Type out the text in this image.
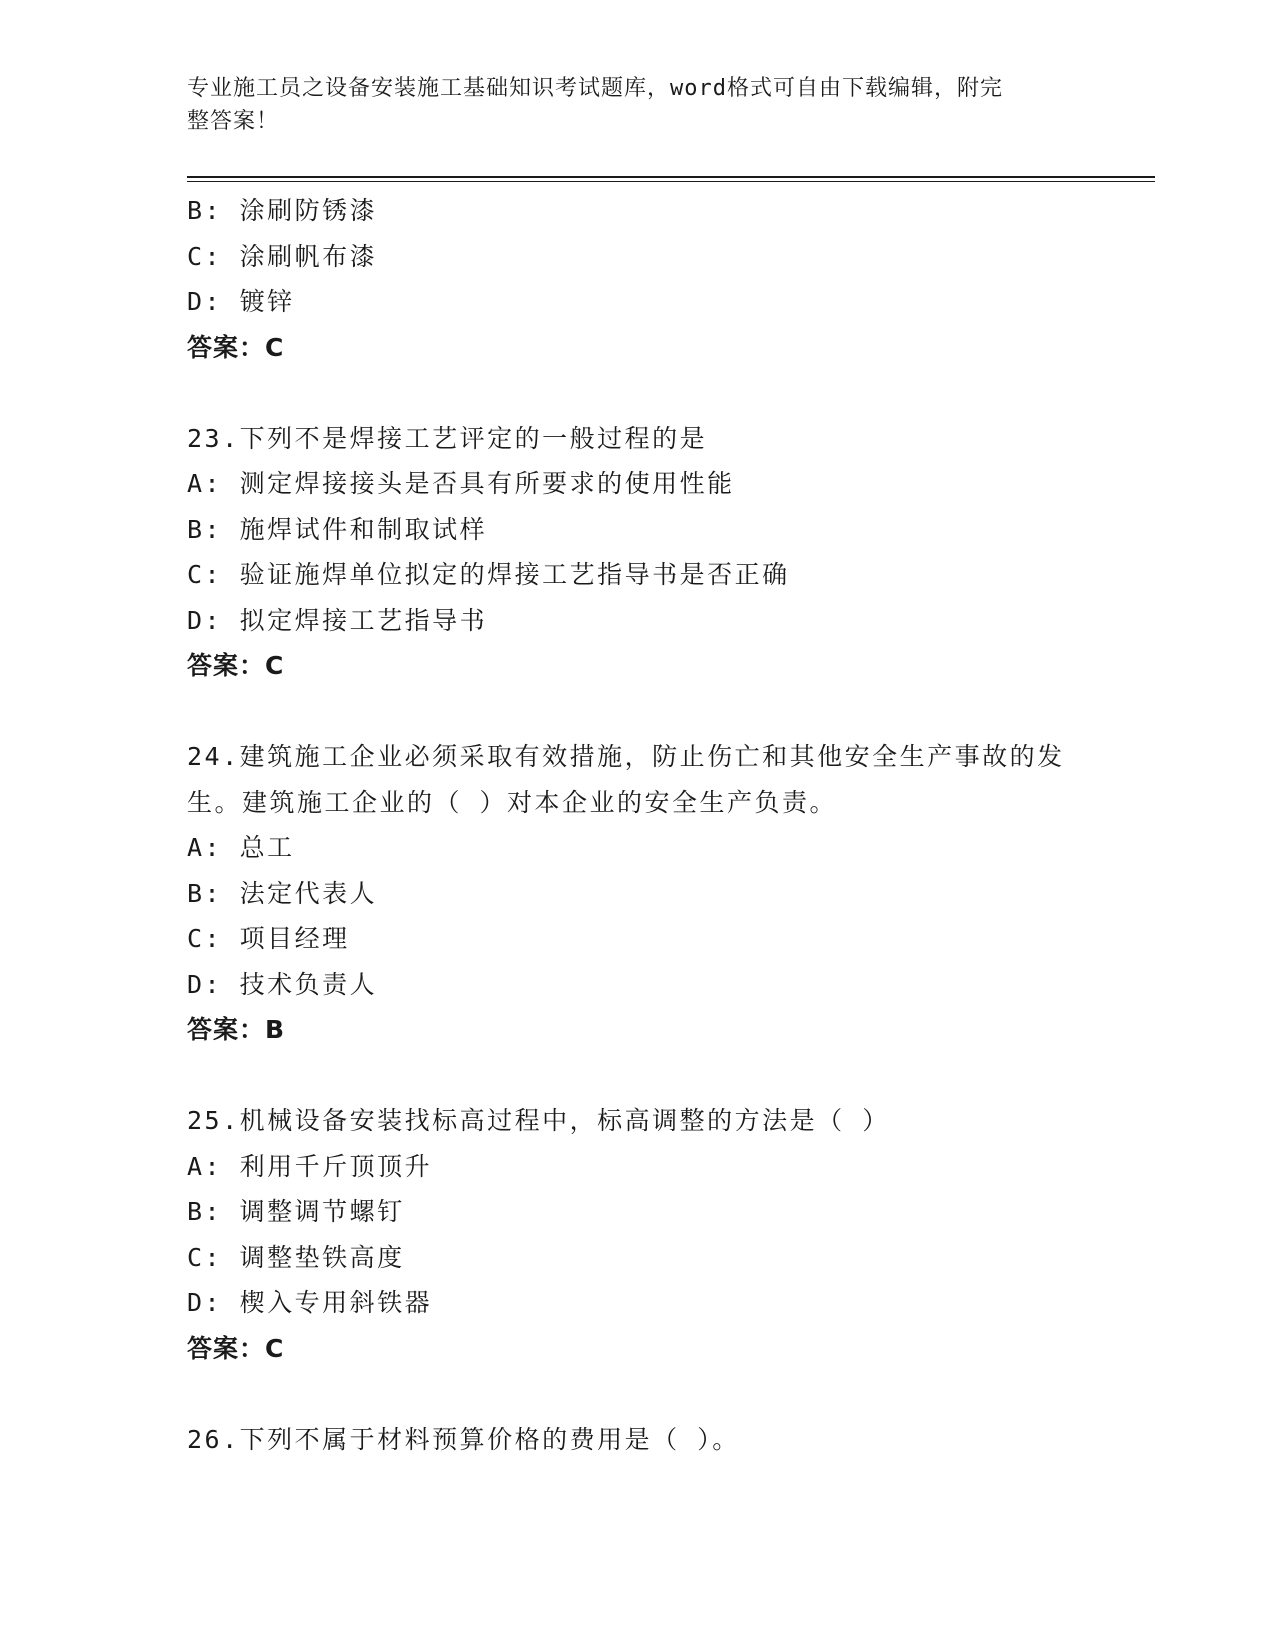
专业施工员之设备安装施工基础知识考试题库，word格式可自由下载编辑，附完
整答案！
B: 涂刷防锈漆
C: 涂刷帆布漆
D: 镀锌
答案：C
23.下列不是焊接工艺评定的一般过程的是
A: 测定焊接接头是否具有所要求的使用性能
B: 施焊试件和制取试样
C: 验证施焊单位拟定的焊接工艺指导书是否正确
D: 拟定焊接工艺指导书
答案：C
24.建筑施工企业必须采取有效措施，防止伤亡和其他安全生产事故的发生。建筑施工企业的（ ）对本企业的安全生产负责。
A: 总工
B: 法定代表人
C: 项目经理
D: 技术负责人
答案：B
25.机械设备安装找标高过程中，标高调整的方法是（ ）
A: 利用千斤顶顶升
B: 调整调节螺钉
C: 调整垫铁高度
D: 楔入专用斜铁器
答案：C
26.下列不属于材料预算价格的费用是（ ）。
